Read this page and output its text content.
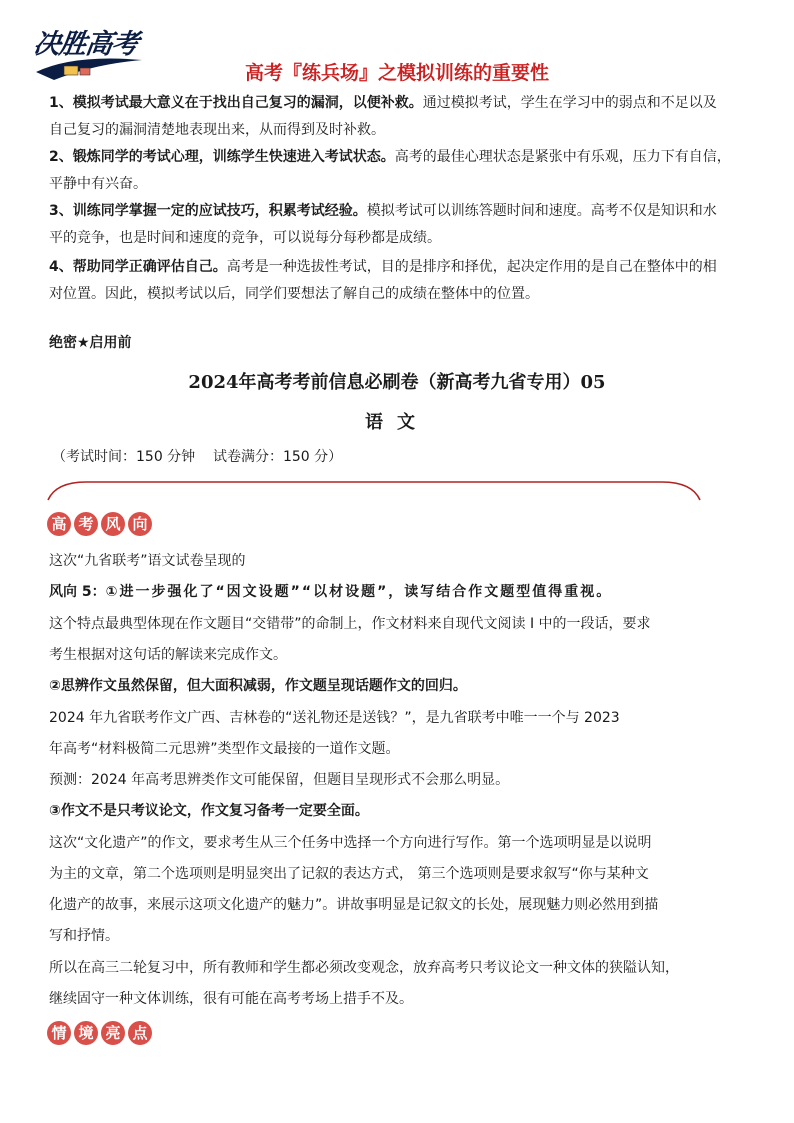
决胜高考
高考『练兵场』之模拟训练的重要性
1、模拟考试最大意义在于找出自己复习的漏洞，以便补救。通过模拟考试，学生在学习中的弱点和不足以及
自己复习的漏洞清楚地表现出来，从而得到及时补救。
2、锻炼同学的考试心理，训练学生快速进入考试状态。高考的最佳心理状态是紧张中有乐观，压力下有自信，
平静中有兴奋。
3、训练同学掌握一定的应试技巧，积累考试经验。模拟考试可以训练答题时间和速度。高考不仅是知识和水
平的竞争，也是时间和速度的竞争，可以说每分每秒都是成绩。
4、帮助同学正确评估自己。高考是一种选拔性考试，目的是排序和择优，起决定作用的是自己在整体中的相
对位置。因此，模拟考试以后，同学们要想法了解自己的成绩在整体中的位置。
绝密★启用前
2024年高考考前信息必刷卷（新高考九省专用）05
语文
（考试时间：150 分钟    试卷满分：150 分）
高 考 风 向
这次“九省联考”语文试卷呈现的
风向 5：①进一步强化了“因文设题”“以材设题”，读写结合作文题型值得重视。
这个特点最典型体现在作文题目“交错带”的命制上，作文材料来自现代文阅读 I 中的一段话，要求
考生根据对这句话的解读来完成作文。
②思辨作文虽然保留，但大面积减弱，作文题呈现话题作文的回归。
2024 年九省联考作文广西、吉林卷的“送礼物还是送钱？”，是九省联考中唯一一个与 2023
年高考“材料极简二元思辨”类型作文最接的一道作文题。
预测：2024 年高考思辨类作文可能保留，但题目呈现形式不会那么明显。
③作文不是只考议论文，作文复习备考一定要全面。
这次“文化遗产”的作文，要求考生从三个任务中选择一个方向进行写作。第一个选项明显是以说明
为主的文章，第二个选项则是明显突出了记叙的表达方式， 第三个选项则是要求叙写“你与某种文
化遗产的故事，来展示这项文化遗产的魅力”。讲故事明显是记叙文的长处，展现魅力则必然用到描
写和抒情。
所以在高三二轮复习中，所有教师和学生都必须改变观念，放弃高考只考议论文一种文体的狭隘认知，
继续固守一种文体训练，很有可能在高考考场上措手不及。
情 境 亮 点
